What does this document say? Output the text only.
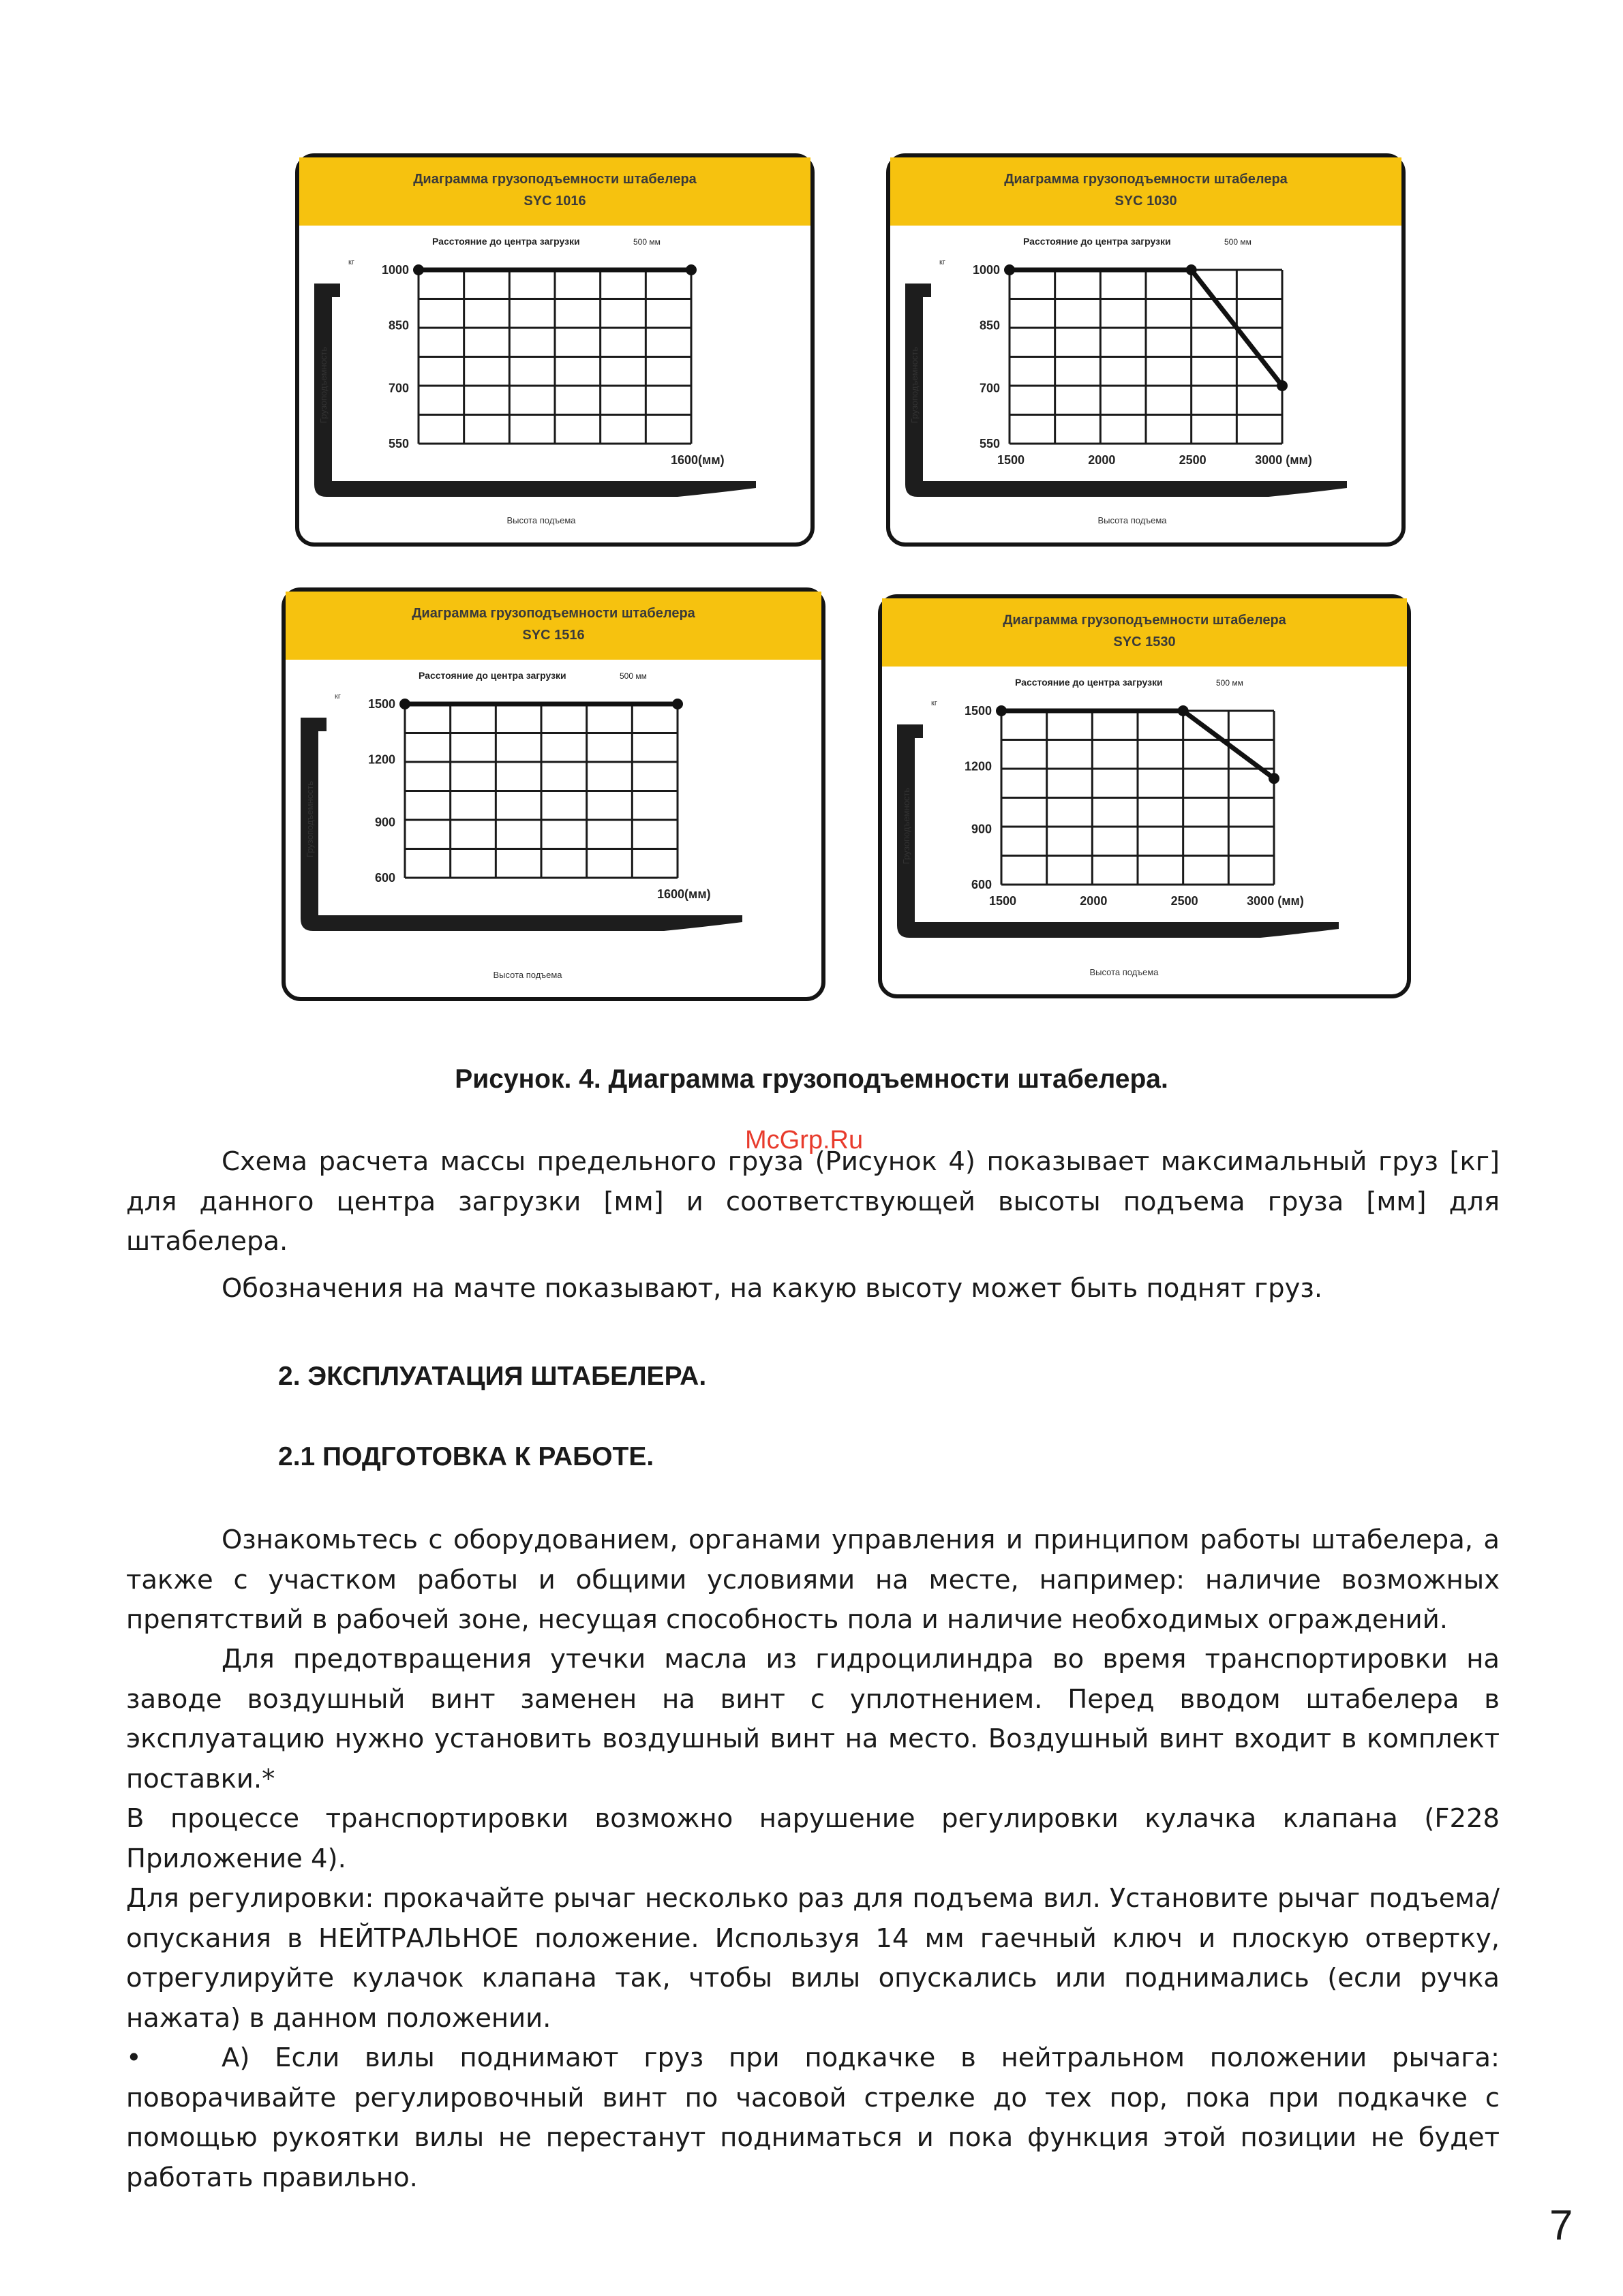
Диаграмма грузоподъемности штабелера
SYC 1016
Расстояние до центра загрузки	500 мм
кг
Грузоподъемность
1000
850
700
550
1600(мм)
Высота подъема
Диаграмма грузоподъемности штабелера
SYC 1030
Расстояние до центра загрузки	500 мм
кг
Грузоподъемность
1000
850
700
550
1500	2000	2500	3000 (мм)
Высота подъема
Диаграмма грузоподъемности штабелера
SYC 1516
Расстояние до центра загрузки	500 мм
кг
Грузоподъемность
1500
1200
900
600
1600(мм)
Высота подъема
Диаграмма грузоподъемности штабелера
SYC 1530
Расстояние до центра загрузки	500 мм
кг
Грузоподъемность
1500
1200
900
600
1500	2000	2500	3000 (мм)
Высота подъема
Рисунок. 4. Диаграмма грузоподъемности штабелера.
McGrp.Ru

Схема расчета массы предельного груза (Рисунок 4) показывает максимальный груз [кг] для данного центра загрузки [мм] и соответствующей высоты подъема груза [мм] для штабелера.

Обозначения на мачте показывают, на какую высоту может быть поднят груз.

2. ЭКСПЛУАТАЦИЯ ШТАБЕЛЕРА.
2.1 ПОДГОТОВКА К РАБОТЕ.

Ознакомьтесь с оборудованием, органами управления и принципом работы штабелера, а также с участком работы и общими условиями на месте, например: наличие возможных препятствий в рабочей зоне, несущая способность пола и наличие необходимых ограждений.

Для предотвращения утечки масла из гидроцилиндра во время транспортировки на заводе воздушный винт заменен на винт с уплотнением. Перед вводом штабелера в эксплуатацию нужно установить воздушный винт на место. Воздушный винт входит в комплект поставки.*

В процессе транспортировки возможно нарушение регулировки кулачка клапана (F228 Приложение 4).

Для регулировки: прокачайте рычаг несколько раз для подъема вил. Установите рычаг подъема/опускания в НЕЙТРАЛЬНОЕ положение. Используя 14 мм гаечный ключ и плоскую отвертку, отрегулируйте кулачок клапана так, чтобы вилы опускались или поднимались (если ручка нажата) в данном положении.

•	А) Если вилы поднимают груз при подкачке в нейтральном положении рычага: поворачивайте регулировочный винт по часовой стрелке до тех пор, пока при подкачке с помощью рукоятки вилы не перестанут подниматься и пока функция этой позиции не будет работать правильно.

7
